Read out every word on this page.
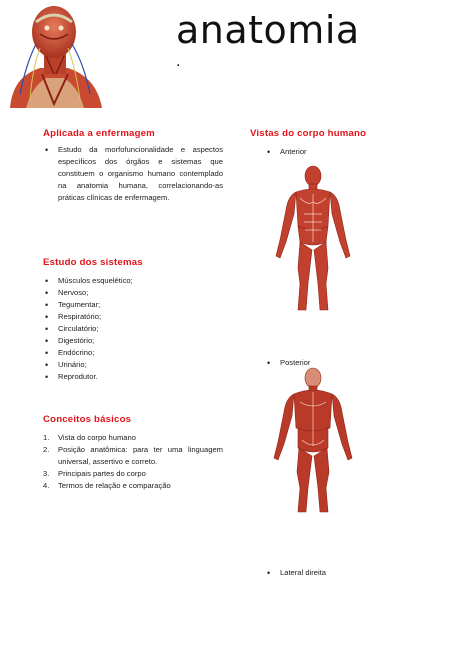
anatomia
.
Aplicada a enfermagem
• Estudo da morfofuncionalidade e aspectos específicos dos órgãos e sistemas que constituem o organismo humano contemplado na anatomia humana, correlacionando-as práticas clínicas de enfermagem.
Estudo dos sistemas
• Músculos esquelético;
• Nervoso;
• Tegumentar;
• Respiratório;
• Circulatório;
• Digestório;
• Endócrino;
• Urinário;
• Reprodutor.
Conceitos básicos
1. Vista do corpo humano
2. Posição anatômica: para ter uma linguagem universal, assertivo e correto.
3. Principais partes do corpo
4. Termos de relação e comparação
Vistas do corpo humano
• Anterior
• Posterior
• Lateral direita
